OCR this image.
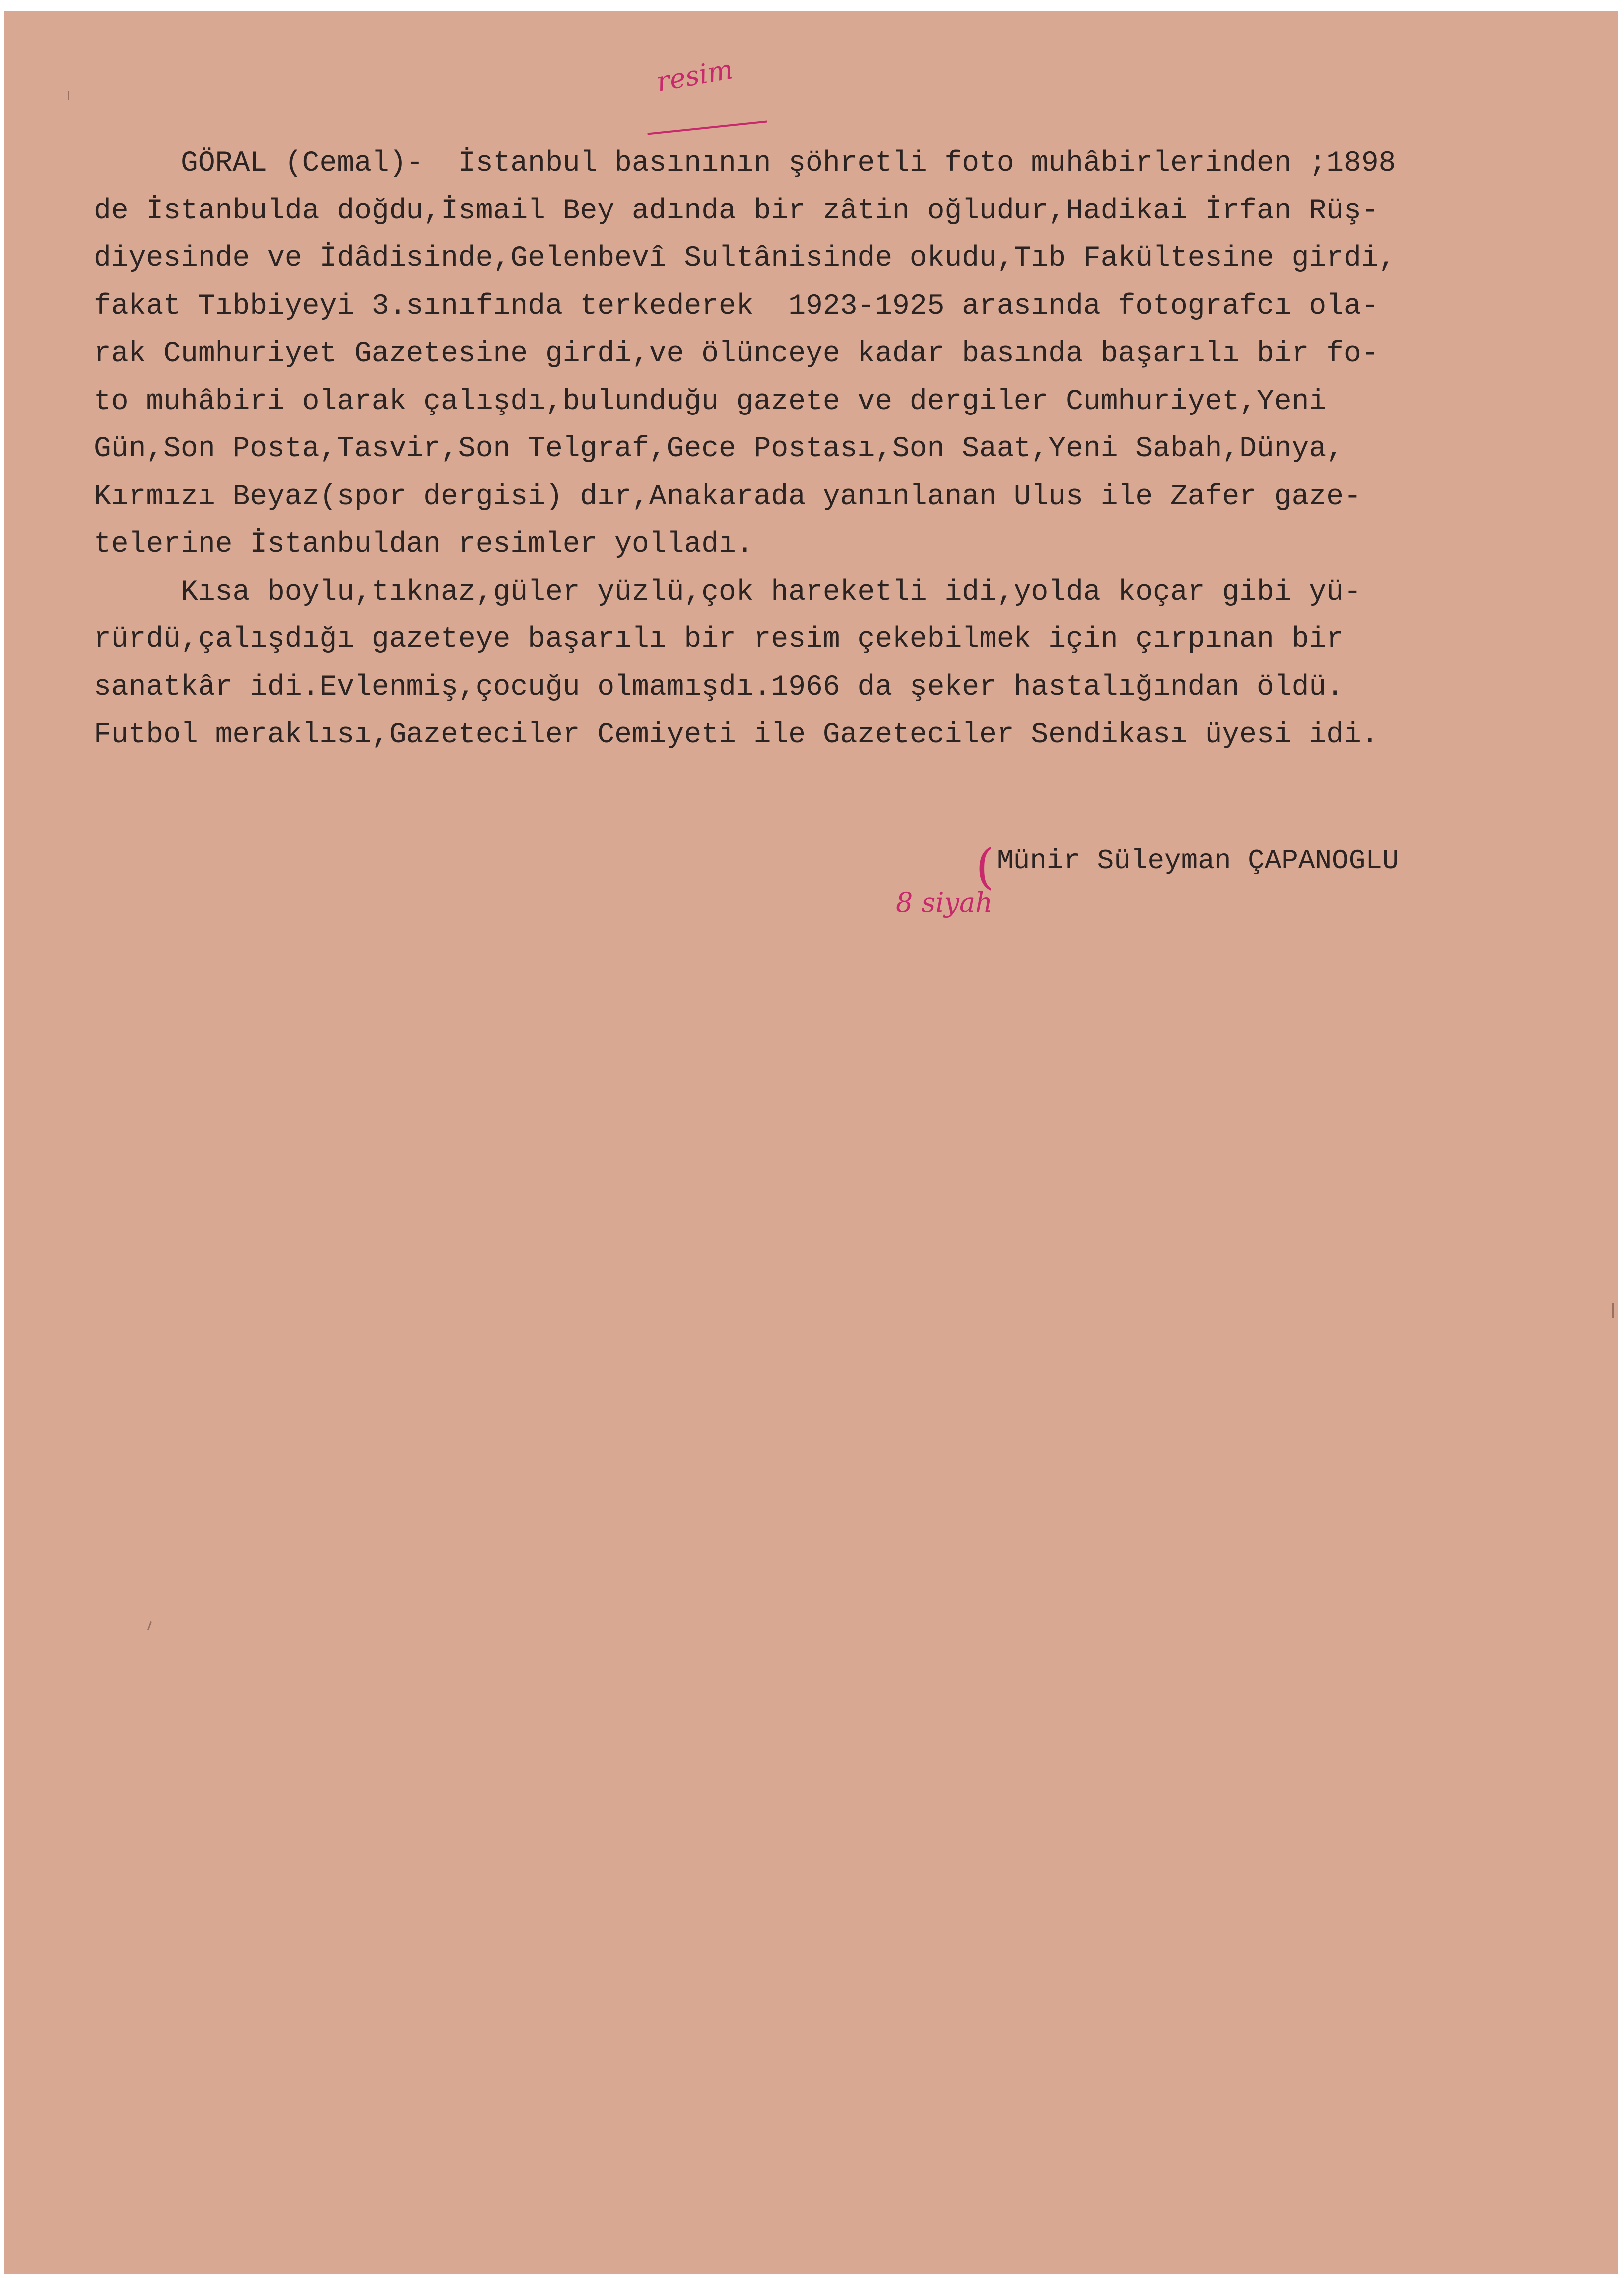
resim
GÖRAL (Cemal)-  İstanbul basınının şöhretli foto muhâbirlerinden ;1898
de İstanbulda doğdu,İsmail Bey adında bir zâtin oğludur,Hadikai İrfan Rüş-
diyesinde ve İdâdisinde,Gelenbevî Sultânisinde okudu,Tıb Fakültesine girdi,
fakat Tıbbiyeyi 3.sınıfında terkederek  1923-1925 arasında fotografcı ola-
rak Cumhuriyet Gazetesine girdi,ve ölünceye kadar basında başarılı bir fo-
to muhâbiri olarak çalışdı,bulunduğu gazete ve dergiler Cumhuriyet,Yeni
Gün,Son Posta,Tasvir,Son Telgraf,Gece Postası,Son Saat,Yeni Sabah,Dünya,
Kırmızı Beyaz(spor dergisi) dır,Anakarada yanınlanan Ulus ile Zafer gaze-
telerine İstanbuldan resimler yolladı.
Kısa boylu,tıknaz,güler yüzlü,çok hareketli idi,yolda koçar gibi yü-
rürdü,çalışdığı gazeteye başarılı bir resim çekebilmek için çırpınan bir
sanatkâr idi.Evlenmiş,çocuğu olmamışdı.1966 da şeker hastalığından öldü.
Futbol meraklısı,Gazeteciler Cemiyeti ile Gazeteciler Sendikası üyesi idi.
( Münir Süleyman ÇAPANOGLU
8 siyah
